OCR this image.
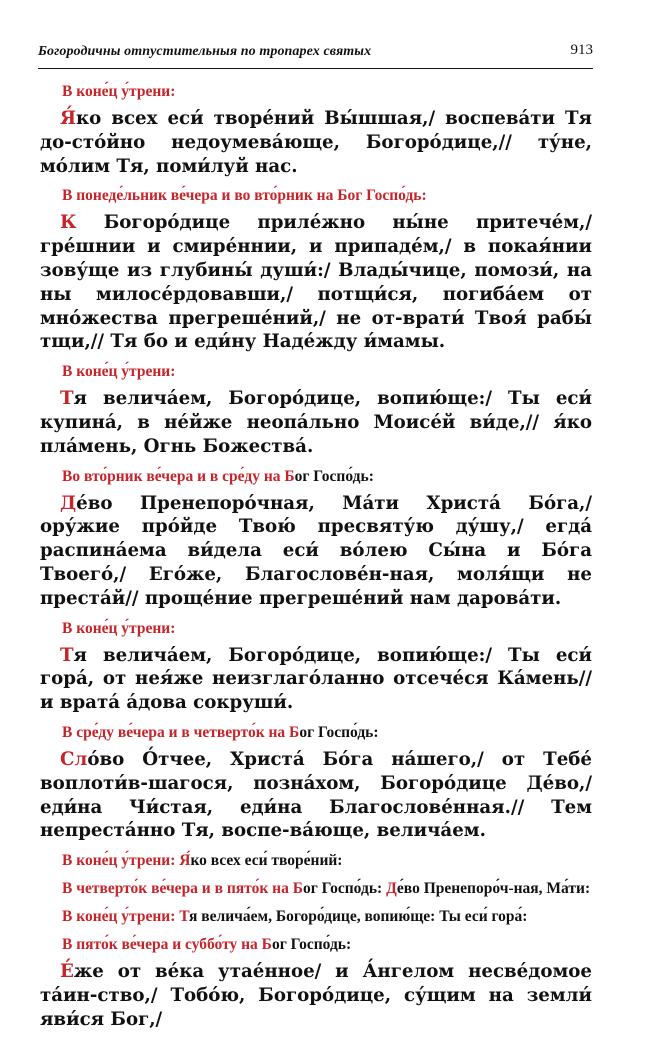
Богородичны отпустительныя по тропарех святых	913
В коне́ц у́трени:

Я́ко всех еси́ творе́ний Вы́шшая,/ воспева́ти Тя до-сто́йно недоумева́юще, Богоро́дице,// ту́не, мо́лим Тя, поми́луй нас.

В понеде́льник ве́чера и во вто́рник на Бог Госпо́дь:

К Богоро́дице приле́жно ны́не притече́м,/ гре́шнии и смире́ннии, и припаде́м,/ в покая́нии зову́ще из глубины́ души́:/ Влады́чице, помози́, на ны милосе́рдовавши,/ потщи́ся, погиба́ем от мно́жества прегреше́ний,/ не от-врати́ Твоя́ рабы́ тщи,// Тя бо и еди́ну Наде́жду и́мамы.

В коне́ц у́трени:

Тя велича́ем, Богоро́дице, вопию́ще:/ Ты еси́ купина́, в не́йже неопа́льно Моисе́й ви́де,// я́ко пла́мень, Огнь Божества́.

Во вто́рник ве́чера и в сре́ду на Бог Госпо́дь:

Де́во Пренепоро́чная, Ма́ти Христа́ Бо́га,/ ору́жие про́йде Твою́ пресвяту́ю ду́шу,/ егда́ распина́ема ви́дела еси́ во́лею Сы́на и Бо́га Твоего́,/ Его́же, Благослове́н-ная, моля́щи не преста́й// проще́ние прегреше́ний нам дарова́ти.

В коне́ц у́трени:

Тя велича́ем, Богоро́дице, вопию́ще:/ Ты еси́ гора́, от нея́же неизглаго́ланно отсече́ся Ка́мень// и врата́ а́дова сокруши́.

В сре́ду ве́чера и в четверто́к на Бог Госпо́дь:

Сло́во О́тчее, Христа́ Бо́га на́шего,/ от Тебе́ воплоти́в-шагося, позна́хом, Богоро́дице Де́во,/ еди́на Чи́стая, еди́на Благослове́нная.// Тем непреста́нно Тя, воспе-ва́юще, велича́ем.

В коне́ц у́трени: Я́ко всех еси́ творе́ний:
В четверто́к ве́чера и в пято́к на Бог Госпо́дь: Де́во Пренепоро́ч-ная, Ма́ти:
В коне́ц у́трени: Тя велича́ем, Богоро́дице, вопию́ще: Ты еси́ гора́:
В пято́к ве́чера и суббо́ту на Бог Госпо́дь:

Е́же от ве́ка утае́нное/ и А́нгелом несве́домое та́ин-ство,/ Тобо́ю, Богоро́дице, су́щим на земли́ яви́ся Бог,/
